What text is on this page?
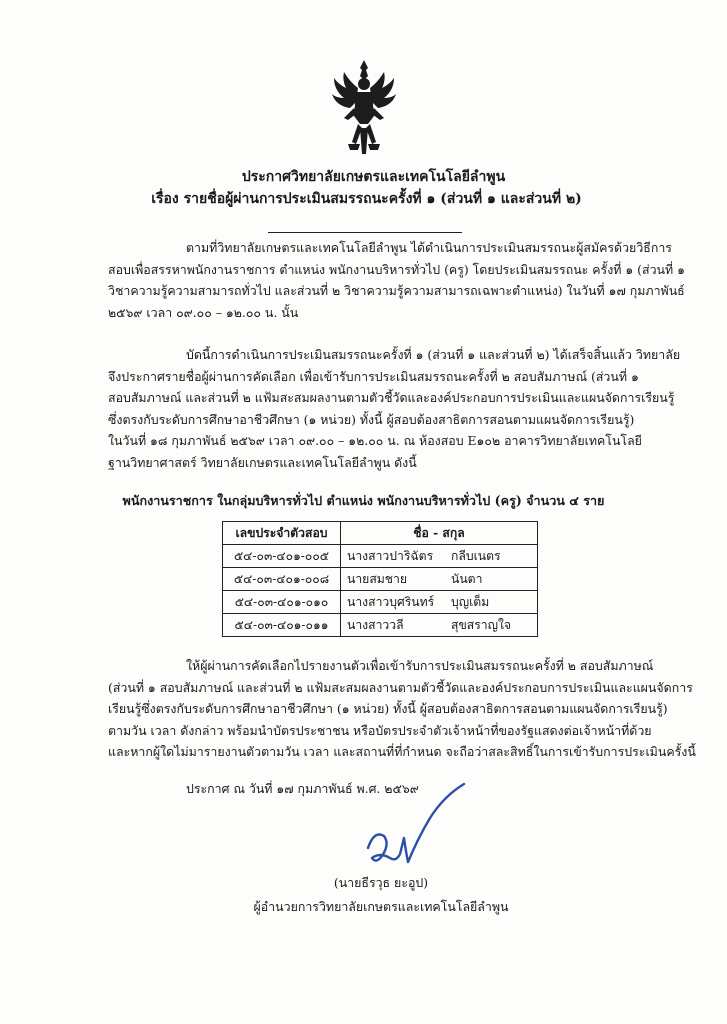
ประกาศวิทยาลัยเกษตรและเทคโนโลยีลำพูน
เรื่อง รายชื่อผู้ผ่านการประเมินสมรรถนะครั้งที่ ๑ (ส่วนที่ ๑ และส่วนที่ ๒)
ตามที่วิทยาลัยเกษตรและเทคโนโลยีลำพูน ได้ดำเนินการประเมินสมรรถนะผู้สมัครด้วยวิธีการ
สอบเพื่อสรรหาพนักงานราชการ ตำแหน่ง พนักงานบริหารทั่วไป (ครู) โดยประเมินสมรรถนะ ครั้งที่ ๑ (ส่วนที่ ๑
วิชาความรู้ความสามารถทั่วไป และส่วนที่ ๒ วิชาความรู้ความสามารถเฉพาะตำแหน่ง) ในวันที่ ๑๗ กุมภาพันธ์
๒๕๖๙ เวลา ๐๙.๐๐ – ๑๒.๐๐ น. นั้น
บัดนี้การดำเนินการประเมินสมรรถนะครั้งที่ ๑ (ส่วนที่ ๑ และส่วนที่ ๒) ได้เสร็จสิ้นแล้ว วิทยาลัย
จึงประกาศรายชื่อผู้ผ่านการคัดเลือก เพื่อเข้ารับการประเมินสมรรถนะครั้งที่ ๒ สอบสัมภาษณ์ (ส่วนที่ ๑
สอบสัมภาษณ์ และส่วนที่ ๒ แฟ้มสะสมผลงานตามตัวชี้วัดและองค์ประกอบการประเมินและแผนจัดการเรียนรู้
ซึ่งตรงกับระดับการศึกษาอาชีวศึกษา (๑ หน่วย) ทั้งนี้ ผู้สอบต้องสาธิตการสอนตามแผนจัดการเรียนรู้)
ในวันที่ ๑๘ กุมภาพันธ์ ๒๕๖๙ เวลา ๐๙.๐๐ – ๑๒.๐๐ น. ณ ห้องสอบ E๑๐๒ อาคารวิทยาลัยเทคโนโลยี
ฐานวิทยาศาสตร์ วิทยาลัยเกษตรและเทคโนโลยีลำพูน ดังนี้
พนักงานราชการ ในกลุ่มบริหารทั่วไป ตำแหน่ง พนักงานบริหารทั่วไป (ครู) จำนวน ๔ ราย
เลขประจำตัวสอบ	ชื่อ - สกุล
๕๔-๐๓-๔๐๑-๐๐๕	นางสาวปาริฉัตร กลีบเนตร
๕๔-๐๓-๔๐๑-๐๐๘	นายสมชาย นันตา
๕๔-๐๓-๔๐๑-๐๑๐	นางสาวบุศรินทร์ บุญเต็ม
๕๔-๐๓-๔๐๑-๐๑๑	นางสาววลี สุขสราญใจ
ให้ผู้ผ่านการคัดเลือกไปรายงานตัวเพื่อเข้ารับการประเมินสมรรถนะครั้งที่ ๒ สอบสัมภาษณ์
(ส่วนที่ ๑ สอบสัมภาษณ์ และส่วนที่ ๒ แฟ้มสะสมผลงานตามตัวชี้วัดและองค์ประกอบการประเมินและแผนจัดการ
เรียนรู้ซึ่งตรงกับระดับการศึกษาอาชีวศึกษา (๑ หน่วย) ทั้งนี้ ผู้สอบต้องสาธิตการสอนตามแผนจัดการเรียนรู้)
ตามวัน เวลา ดังกล่าว พร้อมนำบัตรประชาชน หรือบัตรประจำตัวเจ้าหน้าที่ของรัฐแสดงต่อเจ้าหน้าที่ด้วย
และหากผู้ใดไม่มารายงานตัวตามวัน เวลา และสถานที่ที่กำหนด จะถือว่าสละสิทธิ์ในการเข้ารับการประเมินครั้งนี้
ประกาศ ณ วันที่ ๑๗ กุมภาพันธ์ พ.ศ. ๒๕๖๙
(นายธีรวุธ ยะอูป)
ผู้อำนวยการวิทยาลัยเกษตรและเทคโนโลยีลำพูน
